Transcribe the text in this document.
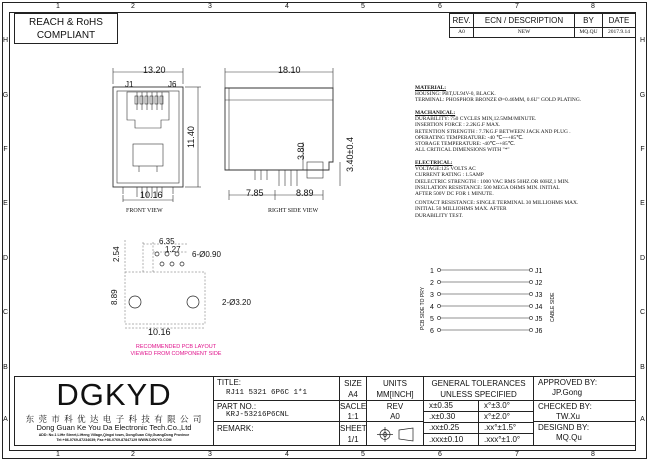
1	2	3	4	5	6	7	8
1	2	3	4	5	6	7	8
H
G
F
E
D
C
B
A
H
G
F
E
D
C
B
A
REACH & RoHS
COMPLIANT
REV.	ECN / DESCRIPTION	BY	DATE
A0	NEW	MQ.QU	2017.9.14
13.20
J1	J6
10.16
11.40
FRONT VIEW
18.10
3.80	3.40±0.4
7.85	8.89
RIGHT SIDE VIEW
2.54
6.35
1.27
6-Ø0.90
2-Ø3.20
8.89
10.16
RECOMMENDED PCB LAYOUT
VIEWED FROM COMPONENT SIDE
MATERIAL:
HOUSING: PBT,UL94V-0, BLACK.
TERMINAL: PHOSPHOR BRONZE Ø=0.46MM, 0.6U" GOLD PLATING.
MACHANICAL:
DURABILITY: 750 CYCLES MIN,12.5MM/MINUTE.
INSERTION FORCE : 2.2KG.F MAX.
RETENTION STRENGTH : 7.7KG.F BETWEEN JACK AND PLUG .
OPERATING TEMPERATURE: -40 ℃---+85℃.
STORAGE TEMPERATURE: -40℃--+85℃.
ALL CRITICAL DIMENSIONS WITH "*"
ELECTRICAL:
VOLTAGE:125 VOLTS AC
CURRENT RATING : 1.5AMP
DIELECTRIC STRENGTH : 1000 VAC RMS 50HZ.OR 60HZ,1 MIN.
INSULATION RESISTANCE: 500 MEGA OHMS MIN. INITIAL
AFTER 500V DC FOR 1 MINUTE.
CONTACT RESISTANCE: SINGLE TERMINAL 30 MILLIOHMS MAX.
INITIAL 50 MILLIOHMS MAX. AFTER
DURABILITY TEST.
1
2
3
4
5
6
J1
J2
J3
J4
J5
J6
PCB SIDE TO PRY	CABLE SIDE
DGKYD
东 莞 市 科 优 达 电 子 科 技 有 限 公 司
Dong Guan Ke You Da Electronic Tech.Co.,Ltd
ADD: No.1 LiHe Street,LiHeng Village,Qingxi town, DongGuan City,GuangDong Province
Tel:+86-0769-87234639; Fax:+86-0769-87847129 WWW.DGKYD.COM
TITLE:
RJ11 5321 6P6C 1*1
PART NO.:
KRJ-53216P6CNL
REMARK:
SIZE
A4
UNITS
MM[INCH]
SACLE
1:1
REV
A0
SHEET
1/1
GENERAL TOLERANCES
UNLESS SPECIFIED
x±0.35	x°±3.0°
.x±0.30	x°±2.0°
.xx±0.25	.xx°±1.5°
.xxx±0.10	.xxx°±1.0°
APPROVED BY:
JP.Gong
CHECKED BY:
TW.Xu
DESIGND BY:
MQ.Qu
